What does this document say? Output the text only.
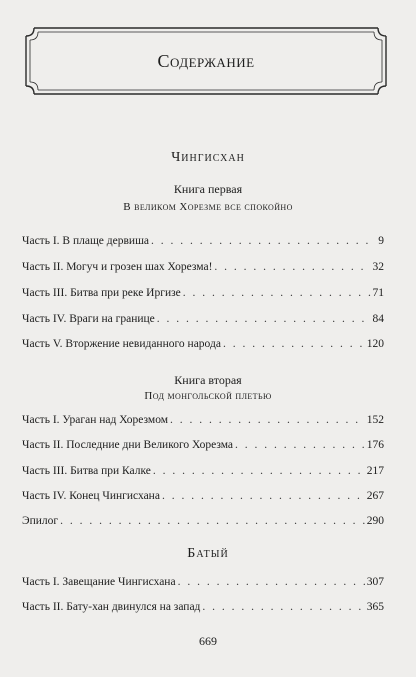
Содержание
Чингисхан
Книга первая
В великом Хорезме все спокойно
Часть I. В плаще дервиша . . .	9
Часть II. Могуч и грозен шах Хорезма! . . .	32
Часть III. Битва при реке Иргизе . . .	71
Часть IV. Враги на границе . . .	84
Часть V. Вторжение невиданного народа . . .	120
Книга вторая
Под монгольской плетью
Часть I. Ураган над Хорезмом . . .	152
Часть II. Последние дни Великого Хорезма . . .	176
Часть III. Битва при Калке . . .	217
Часть IV. Конец Чингисхана . . .	267
Эпилог . . .	290
Батый
Часть I. Завещание Чингисхана . . .	307
Часть II. Бату-хан двинулся на запад . . .	365
669
